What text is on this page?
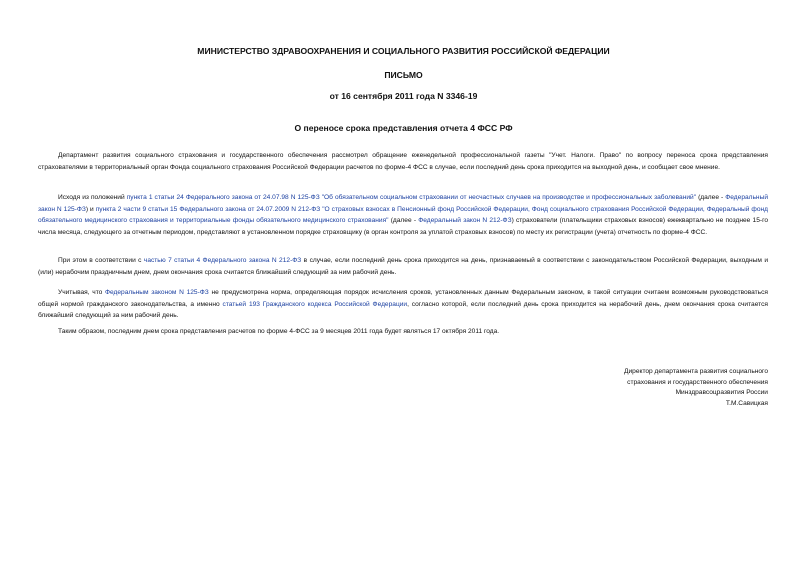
МИНИСТЕРСТВО ЗДРАВООХРАНЕНИЯ И СОЦИАЛЬНОГО РАЗВИТИЯ РОССИЙСКОЙ ФЕДЕРАЦИИ
ПИСЬМО
от 16 сентября 2011 года N 3346-19
О переносе срока представления отчета 4 ФСС РФ

Департамент развития социального страхования и государственного обеспечения рассмотрел обращение еженедельной профессиональной газеты "Учет. Налоги. Право" по вопросу переноса срока представления страхователями в территориальный орган Фонда социального страхования Российской Федерации расчетов по форме-4 ФСС в случае, если последний день срока приходится на выходной день, и сообщает свое мнение.

Исходя из положений пункта 1 статьи 24 Федерального закона от 24.07.98 N 125-ФЗ "Об обязательном социальном страховании от несчастных случаев на производстве и профессиональных заболеваний" (далее - Федеральный закон N 125-ФЗ) и пункта 2 части 9 статьи 15 Федерального закона от 24.07.2009 N 212-ФЗ "О страховых взносах в Пенсионный фонд Российской Федерации, Фонд социального страхования Российской Федерации, Федеральный фонд обязательного медицинского страхования и территориальные фонды обязательного медицинского страхования" (далее - Федеральный закон N 212-ФЗ) страхователи (плательщики страховых взносов) ежеквартально не позднее 15-го числа месяца, следующего за отчетным периодом, представляют в установленном порядке страховщику (в орган контроля за уплатой страховых взносов) по месту их регистрации (учета) отчетность по форме-4 ФСС.

При этом в соответствии с частью 7 статьи 4 Федерального закона N 212-ФЗ в случае, если последний день срока приходится на день, признаваемый в соответствии с законодательством Российской Федерации, выходным и (или) нерабочим праздничным днем, днем окончания срока считается ближайший следующий за ним рабочий день.

Учитывая, что Федеральным законом N 125-ФЗ не предусмотрена норма, определяющая порядок исчисления сроков, установленных данным Федеральным законом, в такой ситуации считаем возможным руководствоваться общей нормой гражданского законодательства, а именно статьей 193 Гражданского кодекса Российской Федерации, согласно которой, если последний день срока приходится на нерабочий день, днем окончания срока считается ближайший следующий за ним рабочий день.

Таким образом, последним днем срока представления расчетов по форме 4-ФСС за 9 месяцев 2011 года будет являться 17 октября 2011 года.

Директор департамента развития социального
страхования и государственного обеспечения
Минздравсоцразвития России
Т.М.Савицкая
